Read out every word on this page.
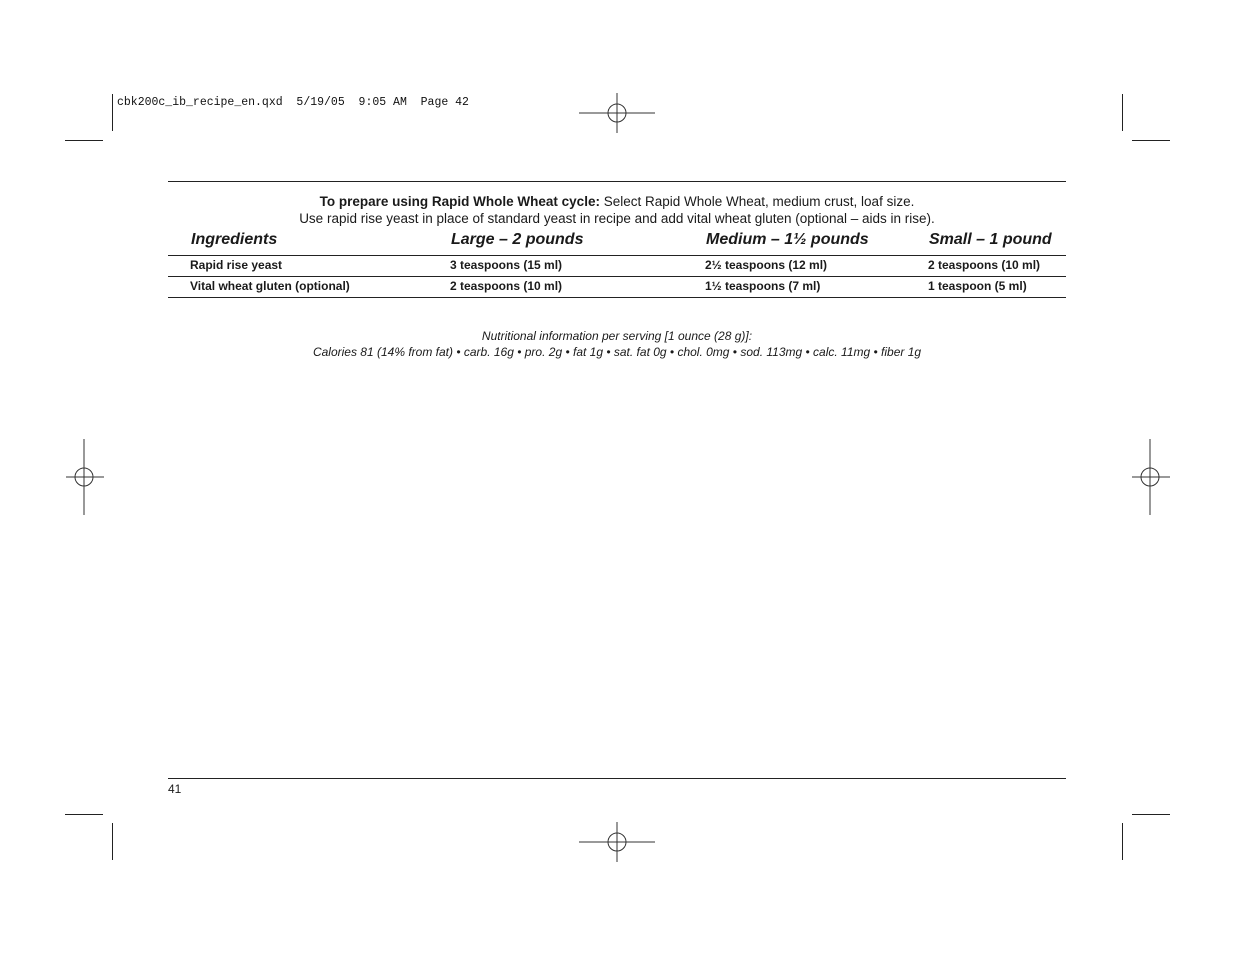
cbk200c_ib_recipe_en.qxd  5/19/05  9:05 AM  Page 42
To prepare using Rapid Whole Wheat cycle: Select Rapid Whole Wheat, medium crust, loaf size.
Use rapid rise yeast in place of standard yeast in recipe and add vital wheat gluten (optional – aids in rise).
Ingredients	Large – 2 pounds	Medium – 1½ pounds	Small – 1 pound
Rapid rise yeast	3 teaspoons (15 ml)	2½ teaspoons (12 ml)	2 teaspoons (10 ml)
Vital wheat gluten (optional)	2 teaspoons (10 ml)	1½ teaspoons (7 ml)	1 teaspoon (5 ml)
Nutritional information per serving [1 ounce (28 g)]:
Calories 81 (14% from fat) • carb. 16g • pro. 2g • fat 1g • sat. fat 0g • chol. 0mg • sod. 113mg • calc. 11mg • fiber 1g
41
